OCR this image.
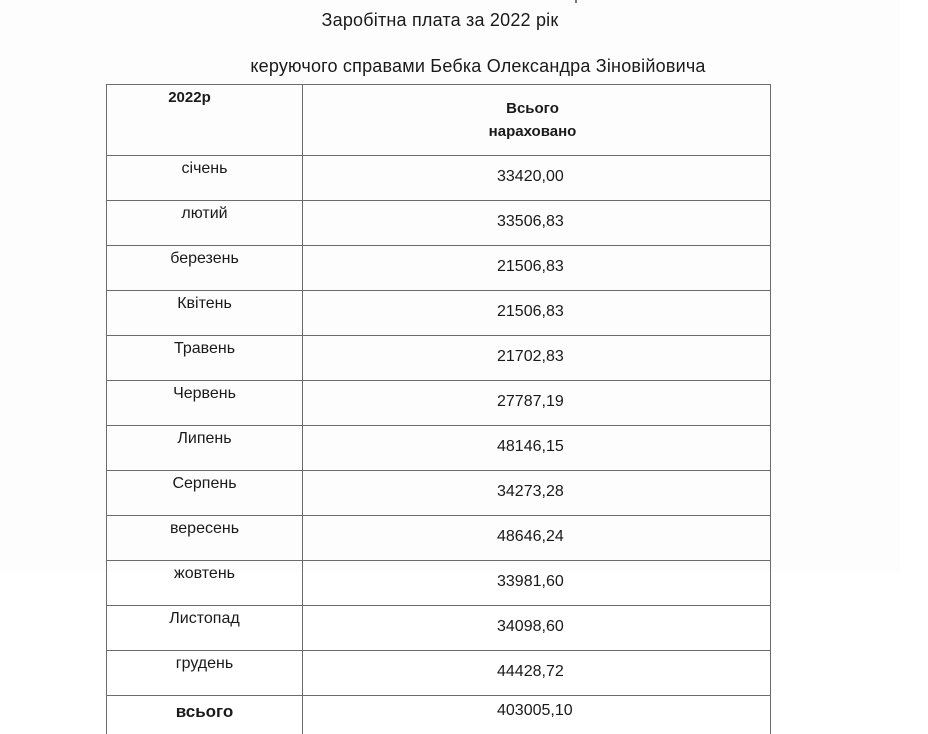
Заробітна плата за 2022 рік
керуючого справами Бебка Олександра Зіновійовича
2022р	Всього
нараховано

січень	33420,00
лютий	33506,83
березень	21506,83
Квітень	21506,83
Травень	21702,83
Червень	27787,19
Липень	48146,15
Серпень	34273,28
вересень	48646,24
жовтень	33981,60
Листопад	34098,60
грудень	44428,72
всього	403005,10
